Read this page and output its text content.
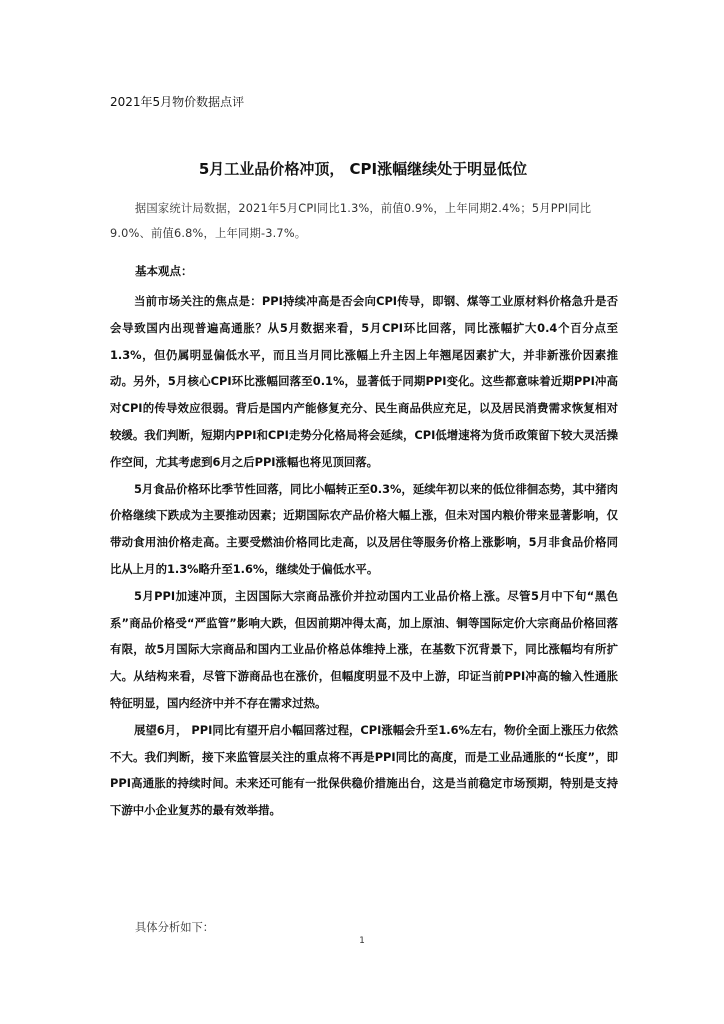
2021年5月物价数据点评
5月工业品价格冲顶， CPI涨幅继续处于明显低位
据国家统计局数据，2021年5月CPI同比1.3%，前值0.9%，上年同期2.4%；5月PPI同比9.0%、前值6.8%，上年同期-3.7%。
基本观点：

当前市场关注的焦点是：PPI持续冲高是否会向CPI传导，即钢、煤等工业原材料价格急升是否会导致国内出现普遍高通胀？从5月数据来看，5月CPI环比回落，同比涨幅扩大0.4个百分点至1.3%，但仍属明显偏低水平，而且当月同比涨幅上升主因上年翘尾因素扩大，并非新涨价因素推动。另外，5月核心CPI环比涨幅回落至0.1%，显著低于同期PPI变化。这些都意味着近期PPI冲高对CPI的传导效应很弱。背后是国内产能修复充分、民生商品供应充足，以及居民消费需求恢复相对较缓。我们判断，短期内PPI和CPI走势分化格局将会延续，CPI低增速将为货币政策留下较大灵活操作空间，尤其考虑到6月之后PPI涨幅也将见顶回落。

5月食品价格环比季节性回落，同比小幅转正至0.3%，延续年初以来的低位徘徊态势，其中猪肉价格继续下跌成为主要推动因素；近期国际农产品价格大幅上涨，但未对国内粮价带来显著影响，仅带动食用油价格走高。主要受燃油价格同比走高，以及居住等服务价格上涨影响，5月非食品价格同比从上月的1.3%略升至1.6%，继续处于偏低水平。

5月PPI加速冲顶，主因国际大宗商品涨价并拉动国内工业品价格上涨。尽管5月中下旬“黑色系”商品价格受“严监管”影响大跌，但因前期冲得太高，加上原油、铜等国际定价大宗商品价格回落有限，故5月国际大宗商品和国内工业品价格总体维持上涨，在基数下沉背景下，同比涨幅均有所扩大。从结构来看，尽管下游商品也在涨价，但幅度明显不及中上游，印证当前PPI冲高的输入性通胀特征明显，国内经济中并不存在需求过热。

展望6月， PPI同比有望开启小幅回落过程，CPI涨幅会升至1.6%左右，物价全面上涨压力依然不大。我们判断，接下来监管层关注的重点将不再是PPI同比的高度，而是工业品通胀的“长度”，即PPI高通胀的持续时间。未来还可能有一批保供稳价措施出台，这是当前稳定市场预期，特别是支持下游中小企业复苏的最有效举措。

具体分析如下：
1
